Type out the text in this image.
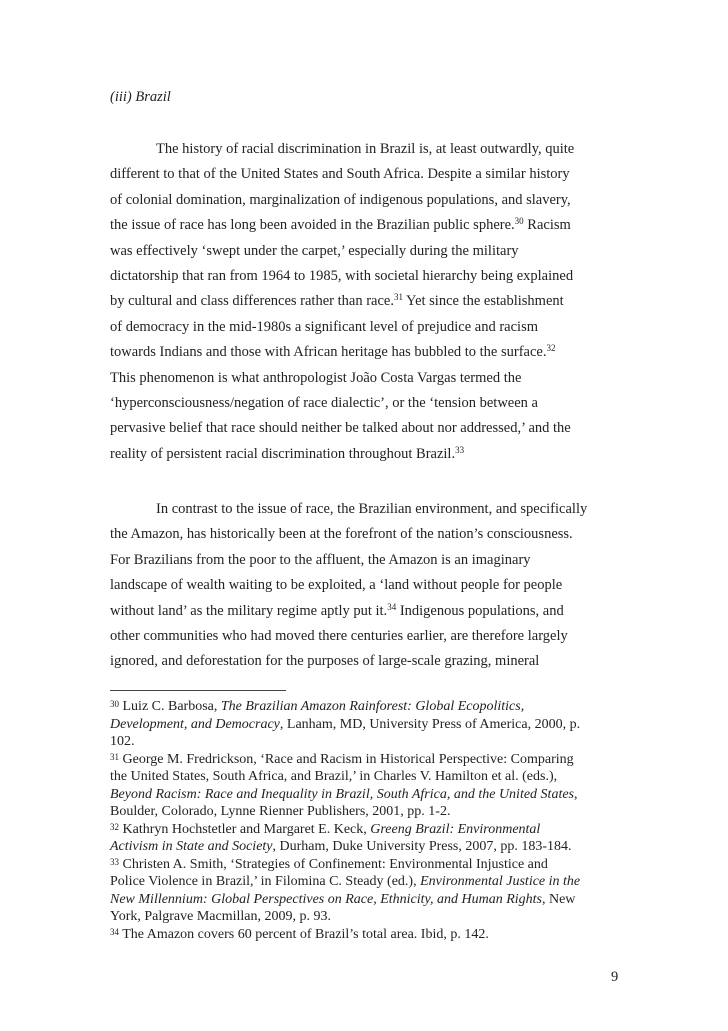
(iii) Brazil
The history of racial discrimination in Brazil is, at least outwardly, quite
different to that of the United States and South Africa. Despite a similar history
of colonial domination, marginalization of indigenous populations, and slavery,
the issue of race has long been avoided in the Brazilian public sphere.$^{30}$ Racism
was effectively ‘swept under the carpet,’ especially during the military
dictatorship that ran from 1964 to 1985, with societal hierarchy being explained
by cultural and class differences rather than race.$^{31}$ Yet since the establishment
of democracy in the mid-1980s a significant level of prejudice and racism
towards Indians and those with African heritage has bubbled to the surface.$^{32}$
This phenomenon is what anthropologist João Costa Vargas termed the
‘hyperconsciousness/negation of race dialectic’, or the ‘tension between a
pervasive belief that race should neither be talked about nor addressed,’ and the
reality of persistent racial discrimination throughout Brazil.$^{33}$
In contrast to the issue of race, the Brazilian environment, and specifically
the Amazon, has historically been at the forefront of the nation’s consciousness.
For Brazilians from the poor to the affluent, the Amazon is an imaginary
landscape of wealth waiting to be exploited, a ‘land without people for people
without land’ as the military regime aptly put it.$^{34}$ Indigenous populations, and
other communities who had moved there centuries earlier, are therefore largely
ignored, and deforestation for the purposes of large-scale grazing, mineral
$^{30}$ Luiz C. Barbosa, The Brazilian Amazon Rainforest: Global Ecopolitics,
Development, and Democracy, Lanham, MD, University Press of America, 2000, p.
102.
$^{31}$ George M. Fredrickson, ‘Race and Racism in Historical Perspective: Comparing
the United States, South Africa, and Brazil,’ in Charles V. Hamilton et al. (eds.),
Beyond Racism: Race and Inequality in Brazil, South Africa, and the United States,
Boulder, Colorado, Lynne Rienner Publishers, 2001, pp. 1-2.
$^{32}$ Kathryn Hochstetler and Margaret E. Keck, Greeng Brazil: Environmental
Activism in State and Society, Durham, Duke University Press, 2007, pp. 183-184.
$^{33}$ Christen A. Smith, ‘Strategies of Confinement: Environmental Injustice and
Police Violence in Brazil,’ in Filomina C. Steady (ed.), Environmental Justice in the
New Millennium: Global Perspectives on Race, Ethnicity, and Human Rights, New
York, Palgrave Macmillan, 2009, p. 93.
$^{34}$ The Amazon covers 60 percent of Brazil’s total area. Ibid, p. 142.
9
